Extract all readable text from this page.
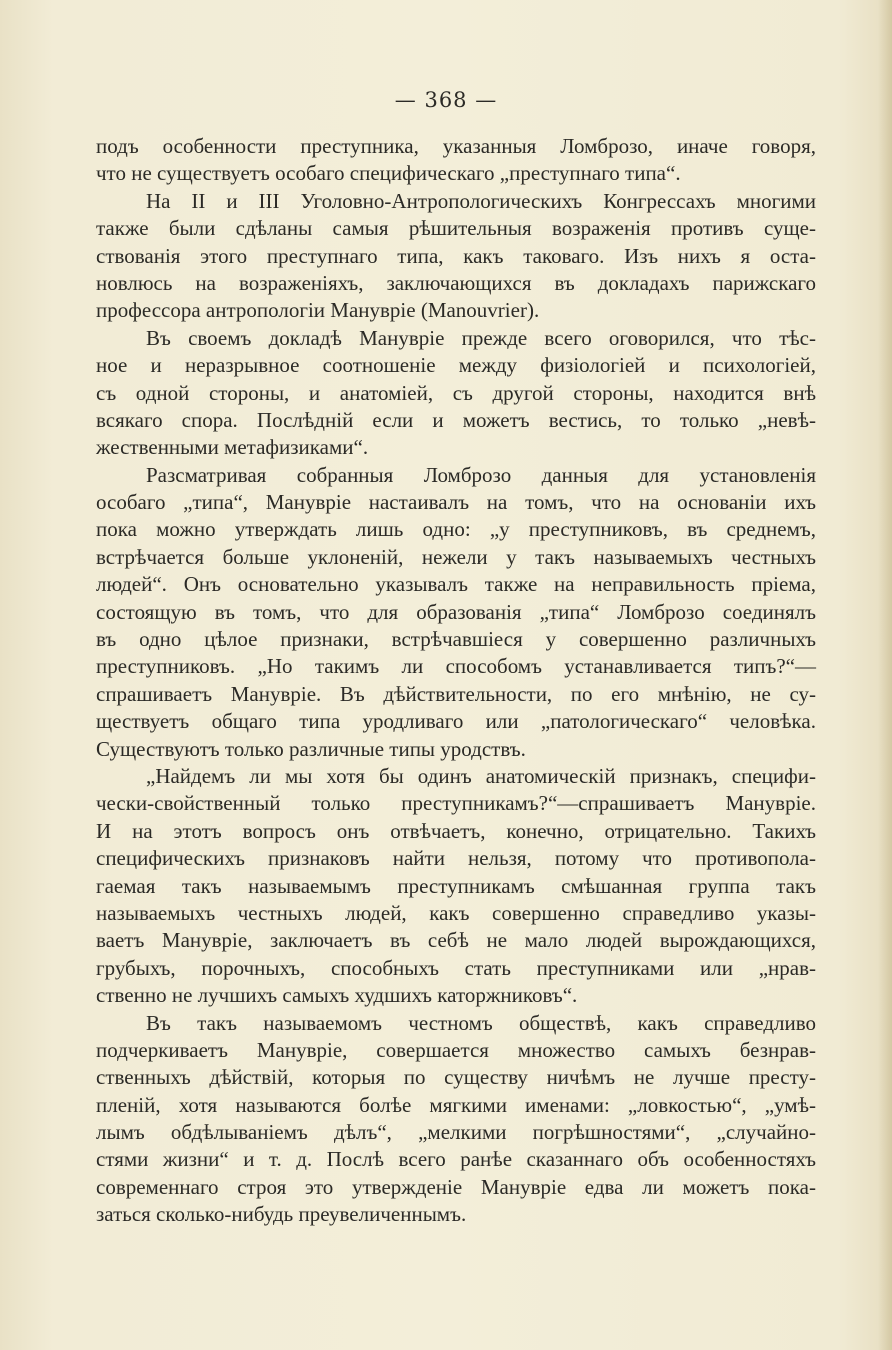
— 368 —
подъ особенности преступника, указанныя Ломброзо, иначе говоря,
что не существуетъ особаго специфическаго „преступнаго типа“.
На II и III Уголовно-Антропологическихъ Конгрессахъ многими
также были сдѣланы самыя рѣшительныя возраженія противъ суще-
ствованія этого преступнаго типа, какъ таковаго. Изъ нихъ я оста-
новлюсь на возраженіяхъ, заключающихся въ докладахъ парижскаго
профессора антропологіи Мануврiе (Manouvrier).
Въ своемъ докладѣ Мануврiе прежде всего оговорился, что тѣс-
ное и неразрывное соотношеніе между физіологіей и психологіей,
съ одной стороны, и анатоміей, съ другой стороны, находится внѣ
всякаго спора. Послѣдній если и можетъ вестись, то только „невѣ-
жественными метафизиками“.
Разсматривая собранныя Ломброзо данныя для установленія
особаго „типа“, Мануврiе настаивалъ на томъ, что на основаніи ихъ
пока можно утверждать лишь одно: „у преступниковъ, въ среднемъ,
встрѣчается больше уклоненій, нежели у такъ называемыхъ честныхъ
людей“. Онъ основательно указывалъ также на неправильность пріема,
состоящую въ томъ, что для образованія „типа“ Ломброзо соединялъ
въ одно цѣлое признаки, встрѣчавшіеся у совершенно различныхъ
преступниковъ. „Но такимъ ли способомъ устанавливается типъ?“—
спрашиваетъ Мануврiе. Въ дѣйствительности, по его мнѣнію, не су-
ществуетъ общаго типа уродливаго или „патологическаго“ человѣка.
Существуютъ только различные типы уродствъ.
„Найдемъ ли мы хотя бы одинъ анатомическій признакъ, специфи-
чески-свойственный только преступникамъ?“—спрашиваетъ Мануврiе.
И на этотъ вопросъ онъ отвѣчаетъ, конечно, отрицательно. Такихъ
специфическихъ признаковъ найти нельзя, потому что противопола-
гаемая такъ называемымъ преступникамъ смѣшанная группа такъ
называемыхъ честныхъ людей, какъ совершенно справедливо указы-
ваетъ Мануврiе, заключаетъ въ себѣ не мало людей вырождающихся,
грубыхъ, порочныхъ, способныхъ стать преступниками или „нрав-
ственно не лучшихъ самыхъ худшихъ каторжниковъ“.
Въ такъ называемомъ честномъ обществѣ, какъ справедливо
подчеркиваетъ Мануврiе, совершается множество самыхъ безнрав-
ственныхъ дѣйствій, которыя по существу ничѣмъ не лучше престу-
пленій, хотя называются болѣе мягкими именами: „ловкостью“, „умѣ-
лымъ обдѣлываніемъ дѣлъ“, „мелкими погрѣшностями“, „случайно-
стями жизни“ и т. д. Послѣ всего ранѣе сказаннаго объ особенностяхъ
современнаго строя это утвержденіе Мануврiе едва ли можетъ пока-
заться сколько-нибудь преувеличеннымъ.
